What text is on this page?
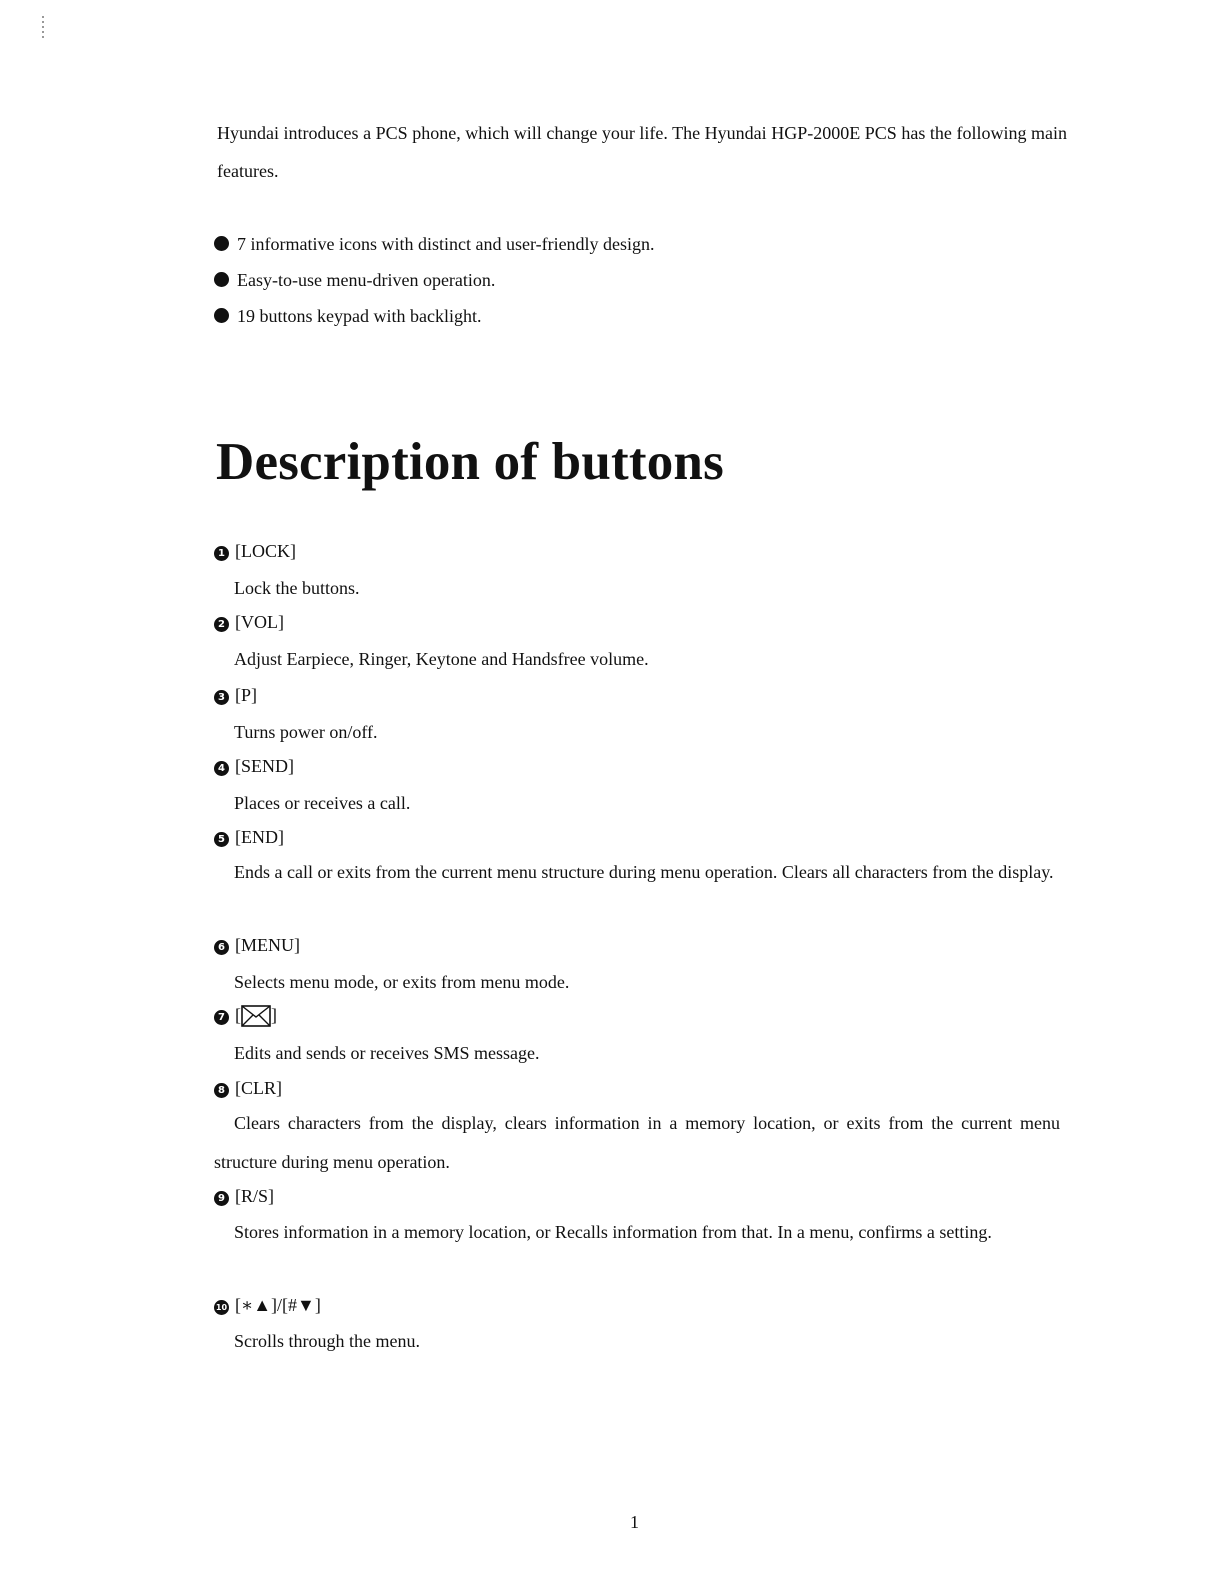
Hyundai introduces a PCS phone, which will change your life. The Hyundai HGP-2000E PCS has the following main features.

7 informative icons with distinct and user-friendly design.
Easy-to-use menu-driven operation.
19 buttons keypad with backlight.
Description of buttons
1 [LOCK]

Lock the buttons.

2 [VOL]

Adjust Earpiece, Ringer, Keytone and Handsfree volume.

3 [P]

Turns power on/off.

4 [SEND]

Places or receives a call.

5 [END]

Ends a call or exits from the current menu structure during menu operation. Clears all characters from the display.

6 [MENU]

Selects menu mode, or exits from menu mode.

7 [ ]

Edits and sends or receives SMS message.

8 [CLR]

Clears characters from the display, clears information in a memory location, or exits from the current menu structure during menu operation.

9 [R/S]

Stores information in a memory location, or Recalls information from that. In a menu, confirms a setting.

10 [∗▲]/[#▼]

Scrolls through the menu.

1
